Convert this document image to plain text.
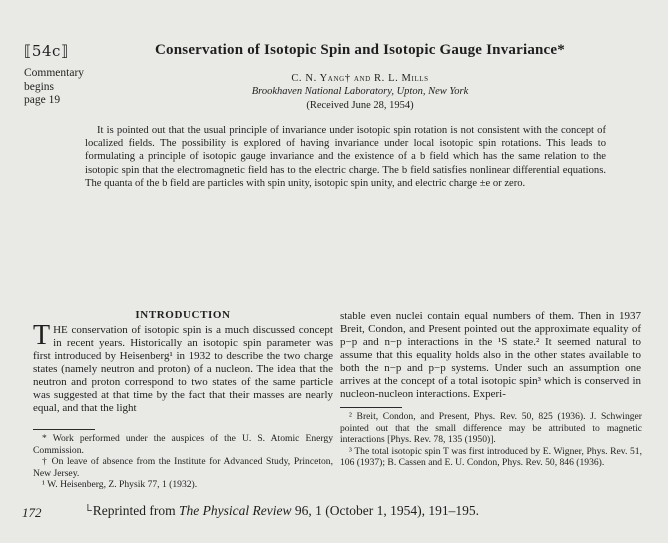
⟦54c⟧
Commentary
begins
page 19
Conservation of Isotopic Spin and Isotopic Gauge Invariance*

C. N. Yang† and R. L. Mills

Brookhaven National Laboratory, Upton, New York

(Received June 28, 1954)

It is pointed out that the usual principle of invariance under isotopic spin rotation is not consistent with the concept of localized fields. The possibility is explored of having invariance under local isotopic spin rotations. This leads to formulating a principle of isotopic gauge invariance and the existence of a b field which has the same relation to the isotopic spin that the electromagnetic field has to the electric charge. The b field satisfies nonlinear differential equations. The quanta of the b field are particles with spin unity, isotopic spin unity, and electric charge ±e or zero.
INTRODUCTION

THE conservation of isotopic spin is a much discussed concept in recent years. Historically an isotopic spin parameter was first introduced by Heisenberg¹ in 1932 to describe the two charge states (namely neutron and proton) of a nucleon. The idea that the neutron and proton correspond to two states of the same particle was suggested at that time by the fact that their masses are nearly equal, and that the light

* Work performed under the auspices of the U. S. Atomic Energy Commission.

† On leave of absence from the Institute for Advanced Study, Princeton, New Jersey.

¹ W. Heisenberg, Z. Physik 77, 1 (1932).

stable even nuclei contain equal numbers of them. Then in 1937 Breit, Condon, and Present pointed out the approximate equality of p−p and n−p interactions in the ¹S state.² It seemed natural to assume that this equality holds also in the other states available to both the n−p and p−p systems. Under such an assumption one arrives at the concept of a total isotopic spin³ which is conserved in nucleon-nucleon interactions. Experi-

² Breit, Condon, and Present, Phys. Rev. 50, 825 (1936). J. Schwinger pointed out that the small difference may be attributed to magnetic interactions [Phys. Rev. 78, 135 (1950)].

³ The total isotopic spin T was first introduced by E. Wigner, Phys. Rev. 51, 106 (1937); B. Cassen and E. U. Condon, Phys. Rev. 50, 846 (1936).

172	└Reprinted from The Physical Review 96, 1 (October 1, 1954), 191–195.
